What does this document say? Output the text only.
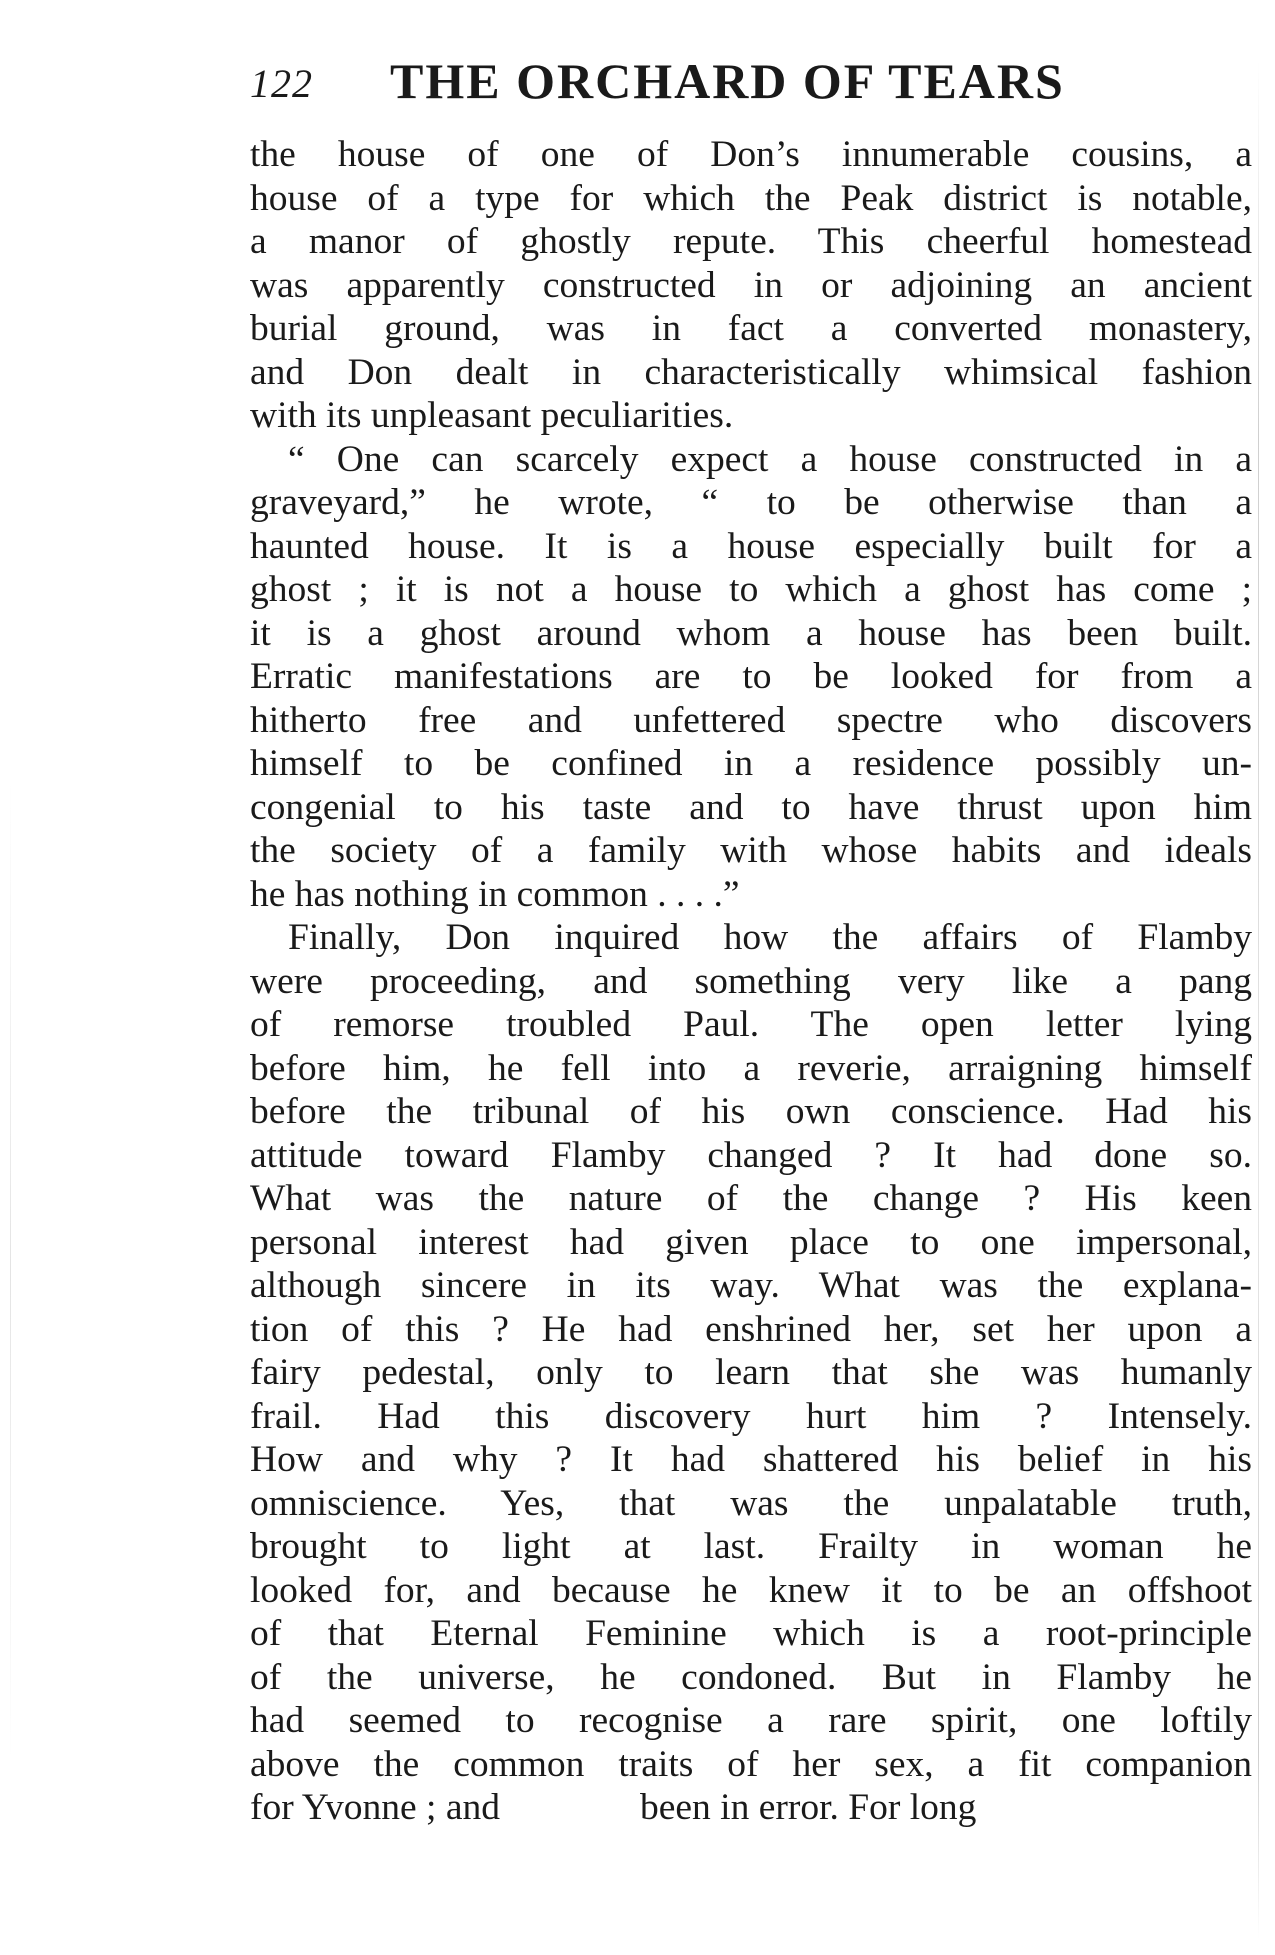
122 THE ORCHARD OF TEARS
the house of one of Don’s innumerable cousins, a
house of a type for which the Peak district is notable,
a manor of ghostly repute. This cheerful homestead
was apparently constructed in or adjoining an ancient
burial ground, was in fact a converted monastery,
and Don dealt in characteristically whimsical fashion
with its unpleasant peculiarities.
“ One can scarcely expect a house constructed in a
graveyard,” he wrote, “ to be otherwise than a
haunted house. It is a house especially built for a
ghost ; it is not a house to which a ghost has come ;
it is a ghost around whom a house has been built.
Erratic manifestations are to be looked for from a
hitherto free and unfettered spectre who discovers
himself to be confined in a residence possibly un-
congenial to his taste and to have thrust upon him
the society of a family with whose habits and ideals
he has nothing in common . . . .”
Finally, Don inquired how the affairs of Flamby
were proceeding, and something very like a pang
of remorse troubled Paul. The open letter lying
before him, he fell into a reverie, arraigning himself
before the tribunal of his own conscience. Had his
attitude toward Flamby changed ? It had done so.
What was the nature of the change ? His keen
personal interest had given place to one impersonal,
although sincere in its way. What was the explana-
tion of this ? He had enshrined her, set her upon a
fairy pedestal, only to learn that she was humanly
frail. Had this discovery hurt him ? Intensely.
How and why ? It had shattered his belief in his
omniscience. Yes, that was the unpalatable truth,
brought to light at last. Frailty in woman he
looked for, and because he knew it to be an offshoot
of that Eternal Feminine which is a root-principle
of the universe, he condoned. But in Flamby he
had seemed to recognise a rare spirit, one loftily
above the common traits of her sex, a fit companion
for Yvonne ; and	been in error. For long
